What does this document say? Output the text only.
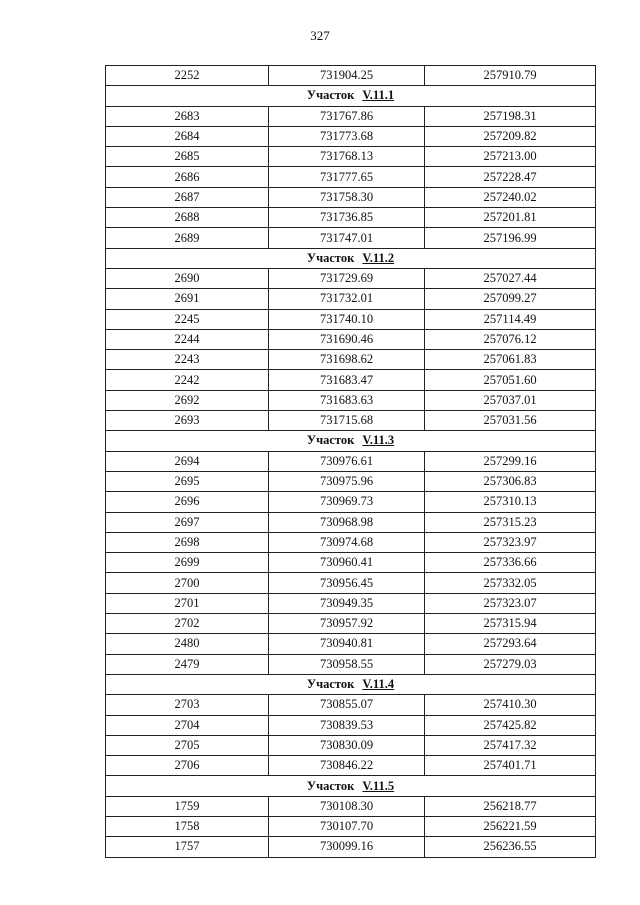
327
2252	731904.25	257910.79
Участок V.11.1		
2683	731767.86	257198.31
2684	731773.68	257209.82
2685	731768.13	257213.00
2686	731777.65	257228.47
2687	731758.30	257240.02
2688	731736.85	257201.81
2689	731747.01	257196.99
Участок V.11.2		
2690	731729.69	257027.44
2691	731732.01	257099.27
2245	731740.10	257114.49
2244	731690.46	257076.12
2243	731698.62	257061.83
2242	731683.47	257051.60
2692	731683.63	257037.01
2693	731715.68	257031.56
Участок V.11.3		
2694	730976.61	257299.16
2695	730975.96	257306.83
2696	730969.73	257310.13
2697	730968.98	257315.23
2698	730974.68	257323.97
2699	730960.41	257336.66
2700	730956.45	257332.05
2701	730949.35	257323.07
2702	730957.92	257315.94
2480	730940.81	257293.64
2479	730958.55	257279.03
Участок V.11.4		
2703	730855.07	257410.30
2704	730839.53	257425.82
2705	730830.09	257417.32
2706	730846.22	257401.71
Участок V.11.5		
1759	730108.30	256218.77
1758	730107.70	256221.59
1757	730099.16	256236.55
